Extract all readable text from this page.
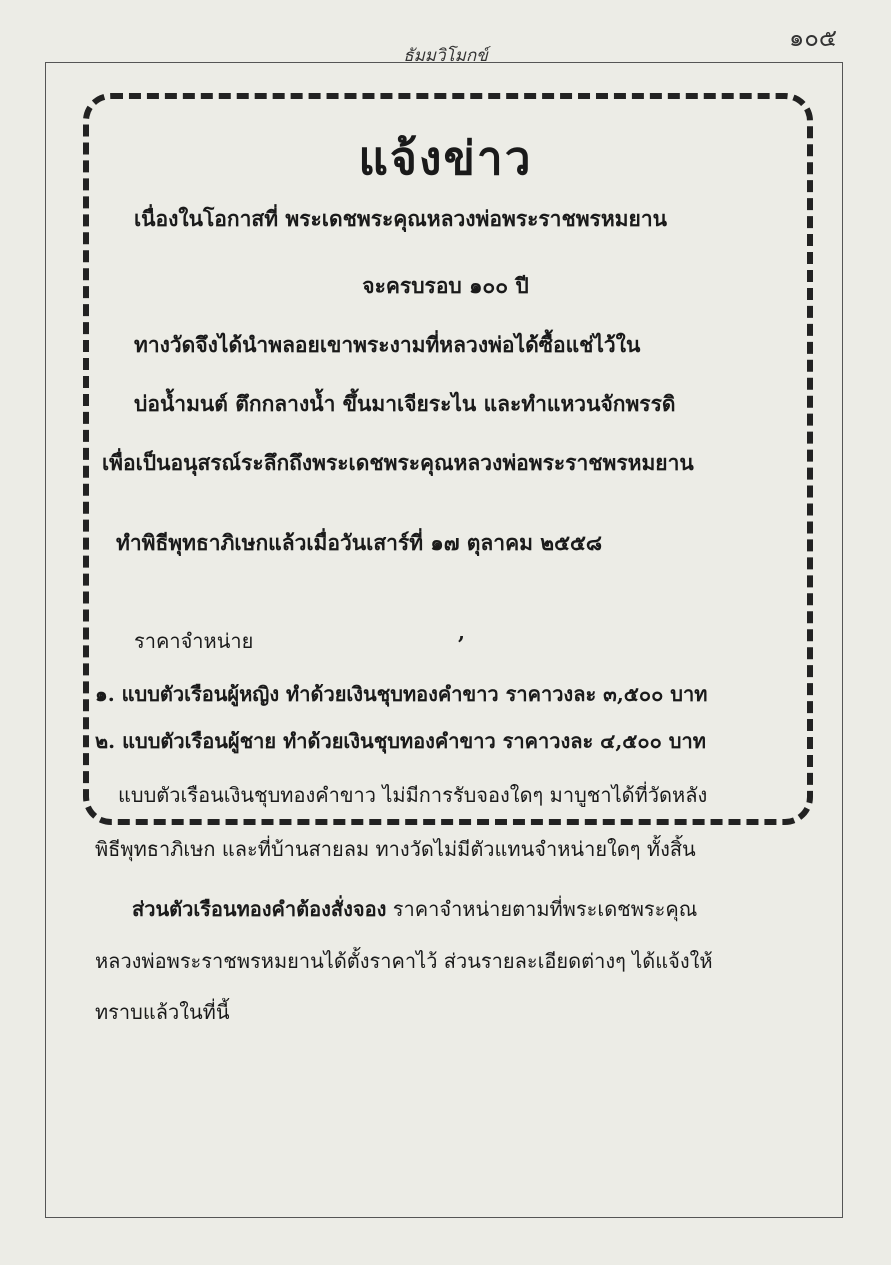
๑๐๕
ธัมมวิโมกข์
แจ้งข่าว
เนื่องในโอกาสที่ พระเดชพระคุณหลวงพ่อพระราชพรหมยาน
จะครบรอบ ๑๐๐ ปี
ทางวัดจึงได้นำพลอยเขาพระงามที่หลวงพ่อได้ซื้อแช่ไว้ใน
บ่อน้ำมนต์ ตึกกลางน้ำ ขึ้นมาเจียระไน และทำแหวนจักพรรดิ
เพื่อเป็นอนุสรณ์ระลึกถึงพระเดชพระคุณหลวงพ่อพระราชพรหมยาน
ทำพิธีพุทธาภิเษกแล้วเมื่อวันเสาร์ที่ ๑๗ ตุลาคม ๒๕๕๘
ราคาจำหน่าย	,
๑. แบบตัวเรือนผู้หญิง ทำด้วยเงินชุบทองคำขาว ราคาวงละ ๓,๕๐๐ บาท
๒. แบบตัวเรือนผู้ชาย ทำด้วยเงินชุบทองคำขาว ราคาวงละ ๔,๕๐๐ บาท
แบบตัวเรือนเงินชุบทองคำขาว ไม่มีการรับจองใดๆ มาบูชาได้ที่วัดหลัง
พิธีพุทธาภิเษก และที่บ้านสายลม ทางวัดไม่มีตัวแทนจำหน่ายใดๆ ทั้งสิ้น
ส่วนตัวเรือนทองคำต้องสั่งจอง ราคาจำหน่ายตามที่พระเดชพระคุณ
หลวงพ่อพระราชพรหมยานได้ตั้งราคาไว้ ส่วนรายละเอียดต่างๆ ได้แจ้งให้
ทราบแล้วในที่นี้
